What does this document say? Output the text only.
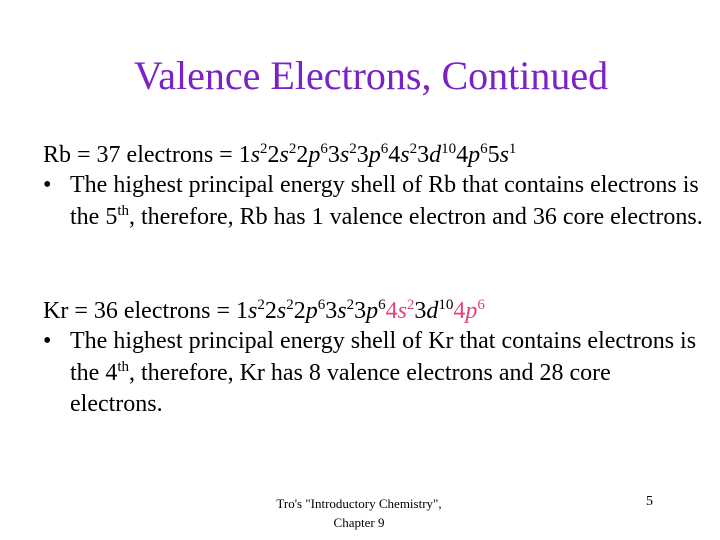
Valence Electrons, Continued
Rb = 37 electrons = $1s^22s^22p^63s^23p^64s^23d^{10}4p^65s^1$
• The highest principal energy shell of Rb that contains electrons is the 5th, therefore, Rb has 1 valence electron and 36 core electrons.
Kr = 36 electrons = $1s^22s^22p^63s^23p^64s^23d^{10}4p^6$
• The highest principal energy shell of Kr that contains electrons is the 4th, therefore, Kr has 8 valence electrons and 28 core electrons.
Tro's "Introductory Chemistry",
Chapter 9
5
